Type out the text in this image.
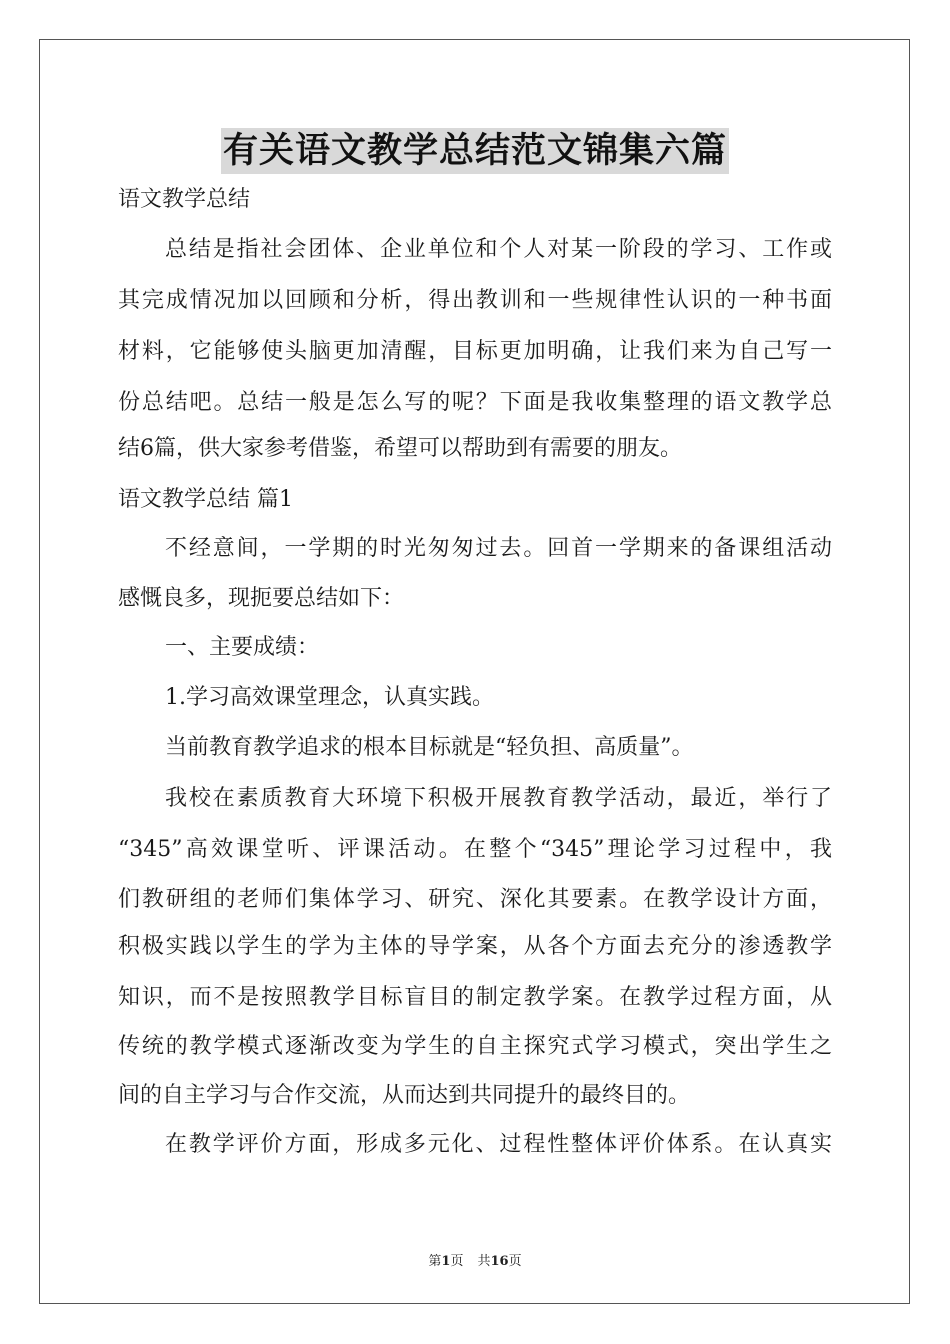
有关语文教学总结范文锦集六篇

语文教学总结

总结是指社会团体、企业单位和个人对某一阶段的学习、工作或

其完成情况加以回顾和分析，得出教训和一些规律性认识的一种书面

材料，它能够使头脑更加清醒，目标更加明确，让我们来为自己写一

份总结吧。总结一般是怎么写的呢？下面是我收集整理的语文教学总

结6篇，供大家参考借鉴，希望可以帮助到有需要的朋友。

语文教学总结 篇1

不经意间，一学期的时光匆匆过去。回首一学期来的备课组活动

感慨良多，现扼要总结如下：

一、主要成绩：

1.学习高效课堂理念，认真实践。

当前教育教学追求的根本目标就是“轻负担、高质量”。

我校在素质教育大环境下积极开展教育教学活动，最近，举行了

“345”高效课堂听、评课活动。在整个“345”理论学习过程中，我

们教研组的老师们集体学习、研究、深化其要素。在教学设计方面，

积极实践以学生的学为主体的导学案，从各个方面去充分的渗透教学

知识，而不是按照教学目标盲目的制定教学案。在教学过程方面，从

传统的教学模式逐渐改变为学生的自主探究式学习模式，突出学生之

间的自主学习与合作交流，从而达到共同提升的最终目的。

在教学评价方面，形成多元化、过程性整体评价体系。在认真实

第1页 共16页
